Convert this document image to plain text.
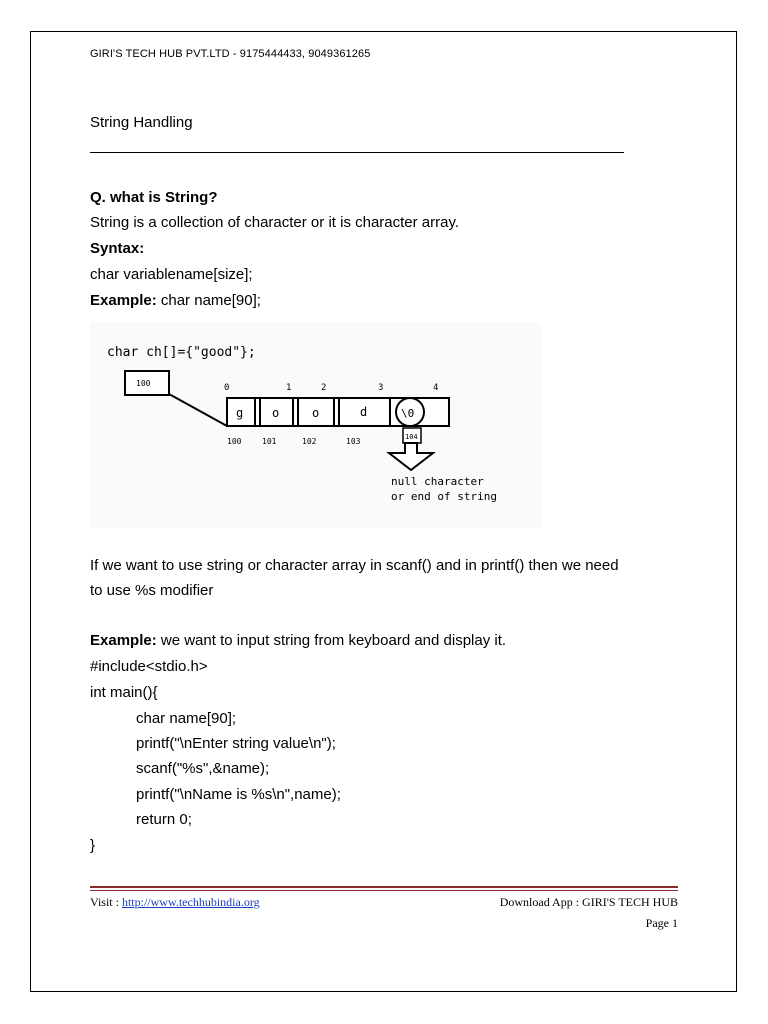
GIRI'S TECH HUB PVT.LTD - 9175444433, 9049361265
String Handling
Q. what is String?
String is a collection of character or it is character array.
Syntax:
char variablename[size];
Example: char name[90];
char ch[]={"good"};
100	0	1	2	3	4
g o	o	d	\0
100	101	102	103	104
null character
or end of string
If we want to use string or character array in scanf() and in printf() then we need
to use %s modifier
Example: we want to input string from keyboard and display it.
#include<stdio.h>
int main(){
char name[90];
printf("\nEnter string value\n");
scanf("%s",&name);
printf("\nName is %s\n",name);
return 0;
}
Visit : http://www.techhubindia.org	Download App : GIRI'S TECH HUB
Page 1
